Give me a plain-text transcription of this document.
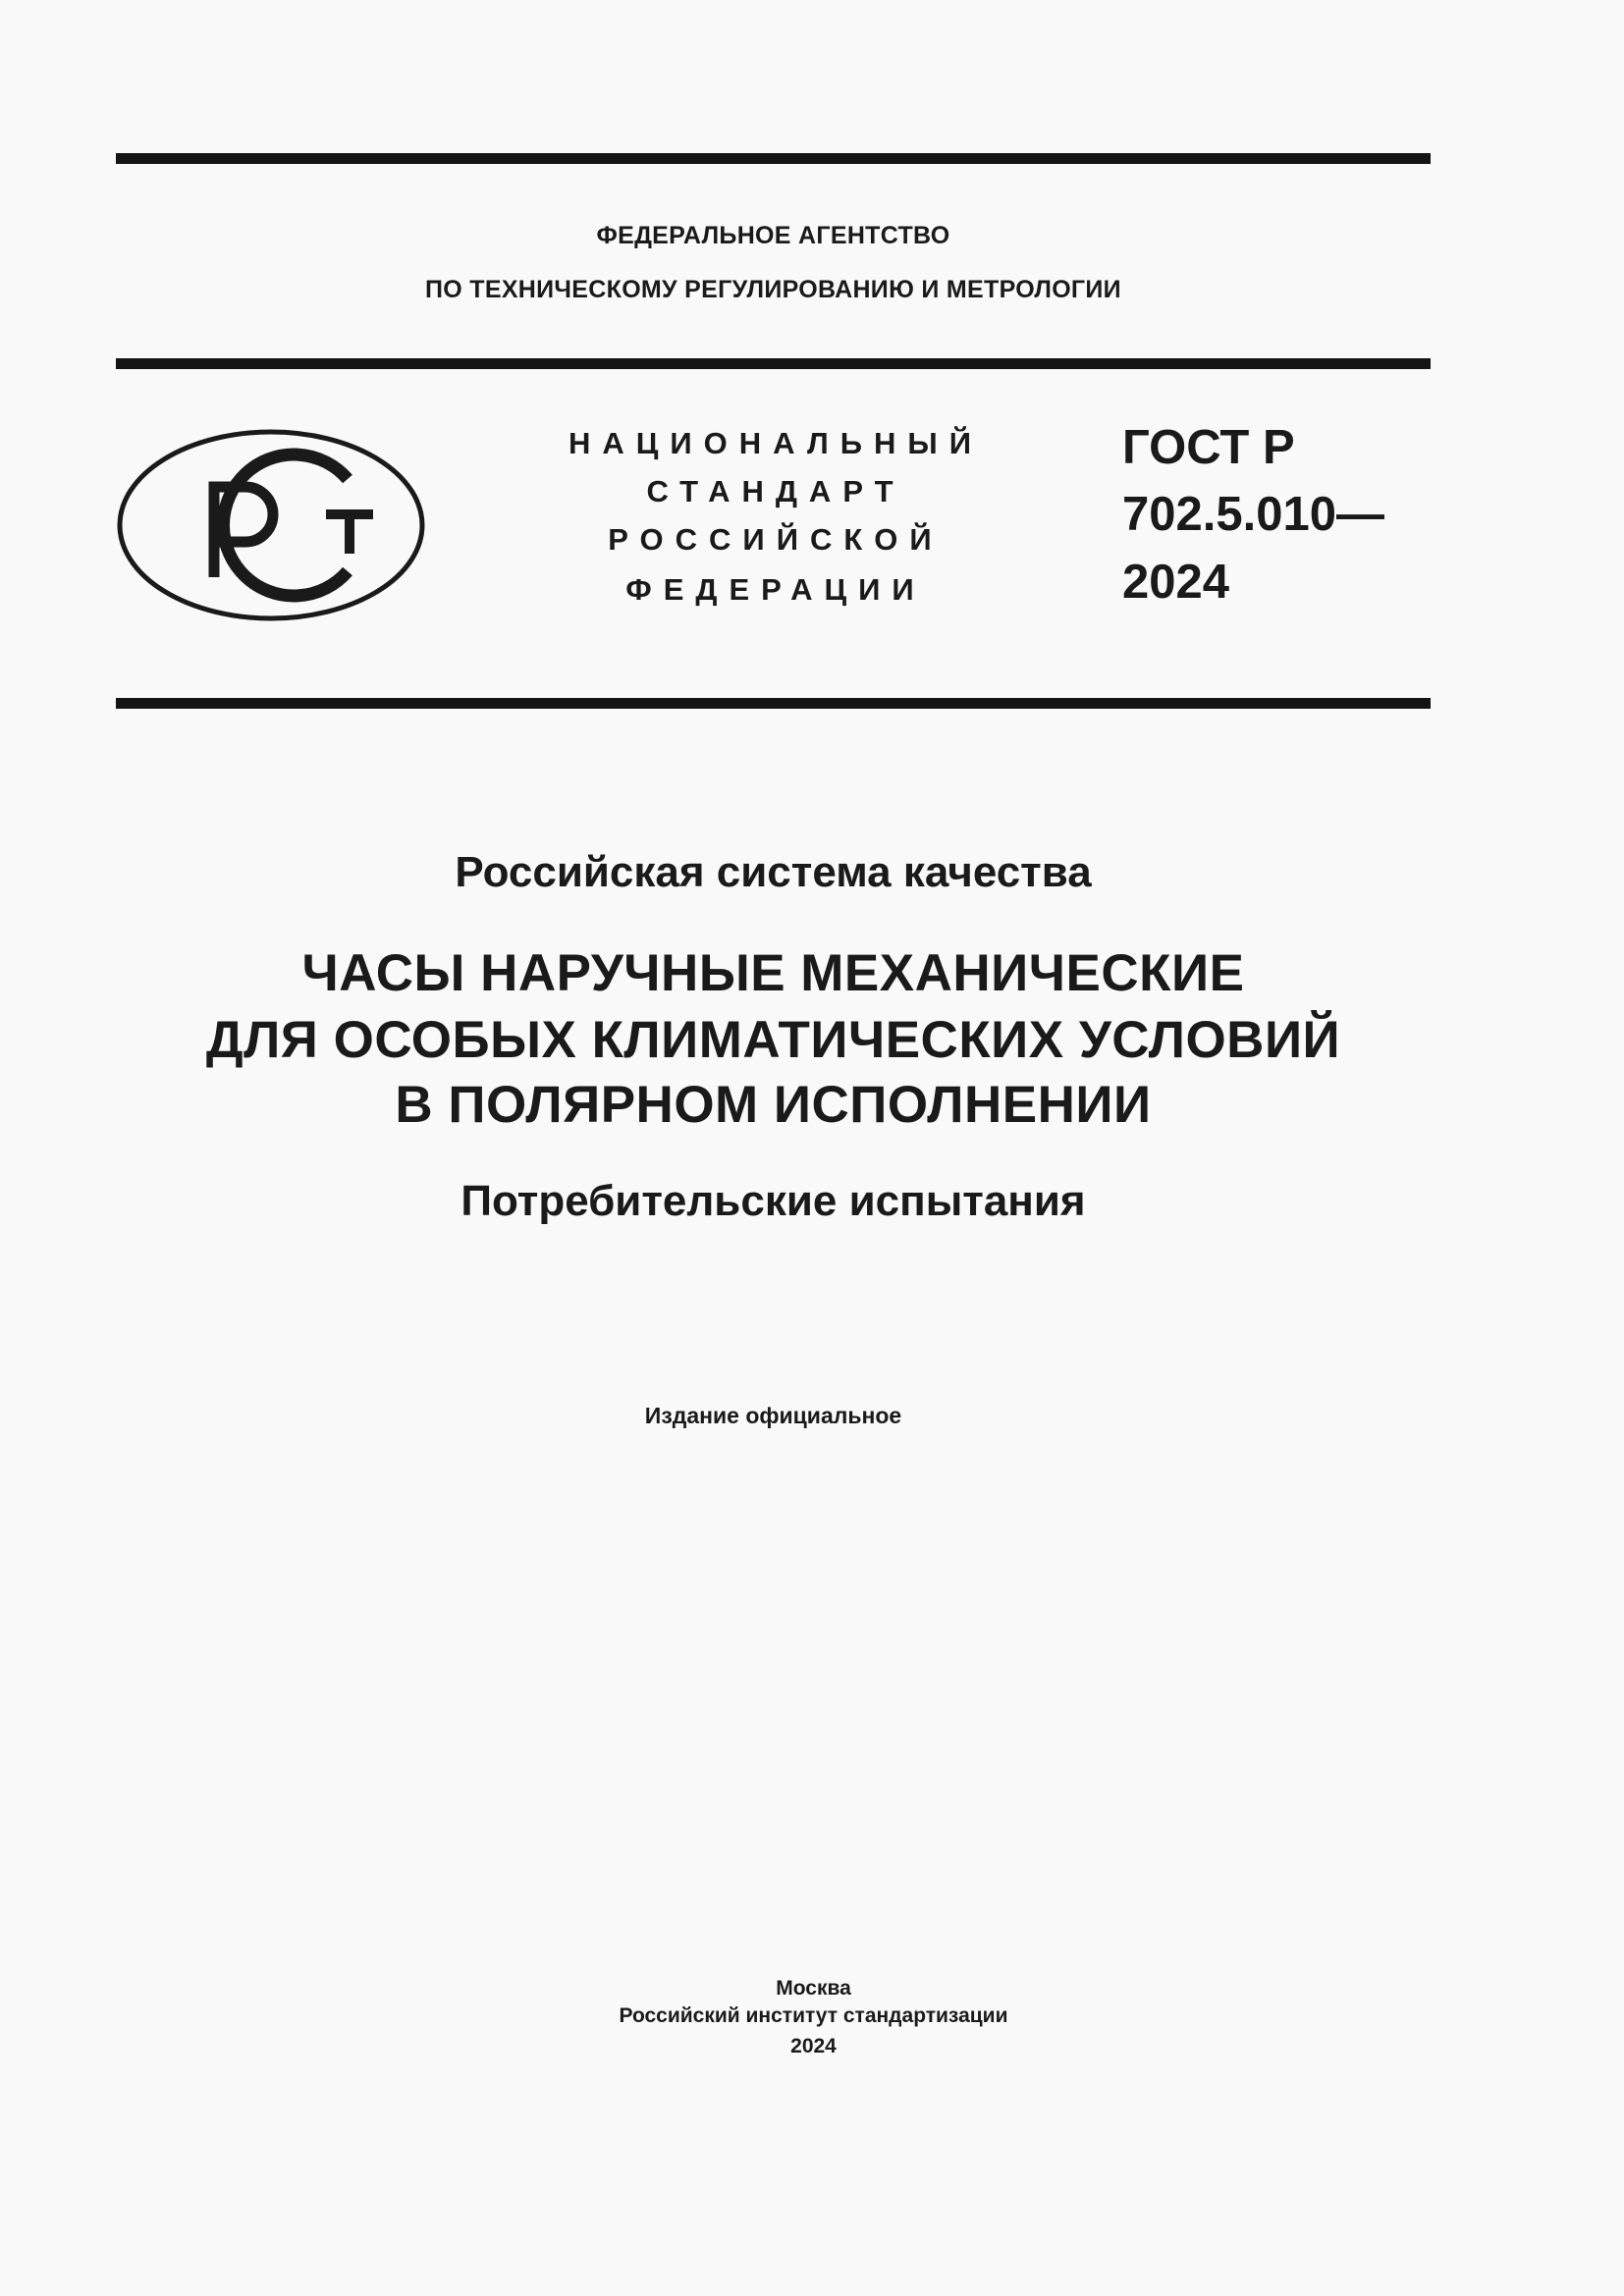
ФЕДЕРАЛЬНОЕ АГЕНТСТВО
ПО ТЕХНИЧЕСКОМУ РЕГУЛИРОВАНИЮ И МЕТРОЛОГИИ
НАЦИОНАЛЬНЫЙ
СТАНДАРТ
РОССИЙСКОЙ
ФЕДЕРАЦИИ
ГОСТ Р
702.5.010—
2024
Российская система качества
ЧАСЫ НАРУЧНЫЕ МЕХАНИЧЕСКИЕ
ДЛЯ ОСОБЫХ КЛИМАТИЧЕСКИХ УСЛОВИЙ
В ПОЛЯРНОМ ИСПОЛНЕНИИ
Потребительские испытания
Издание официальное
Москва
Российский институт стандартизации
2024
